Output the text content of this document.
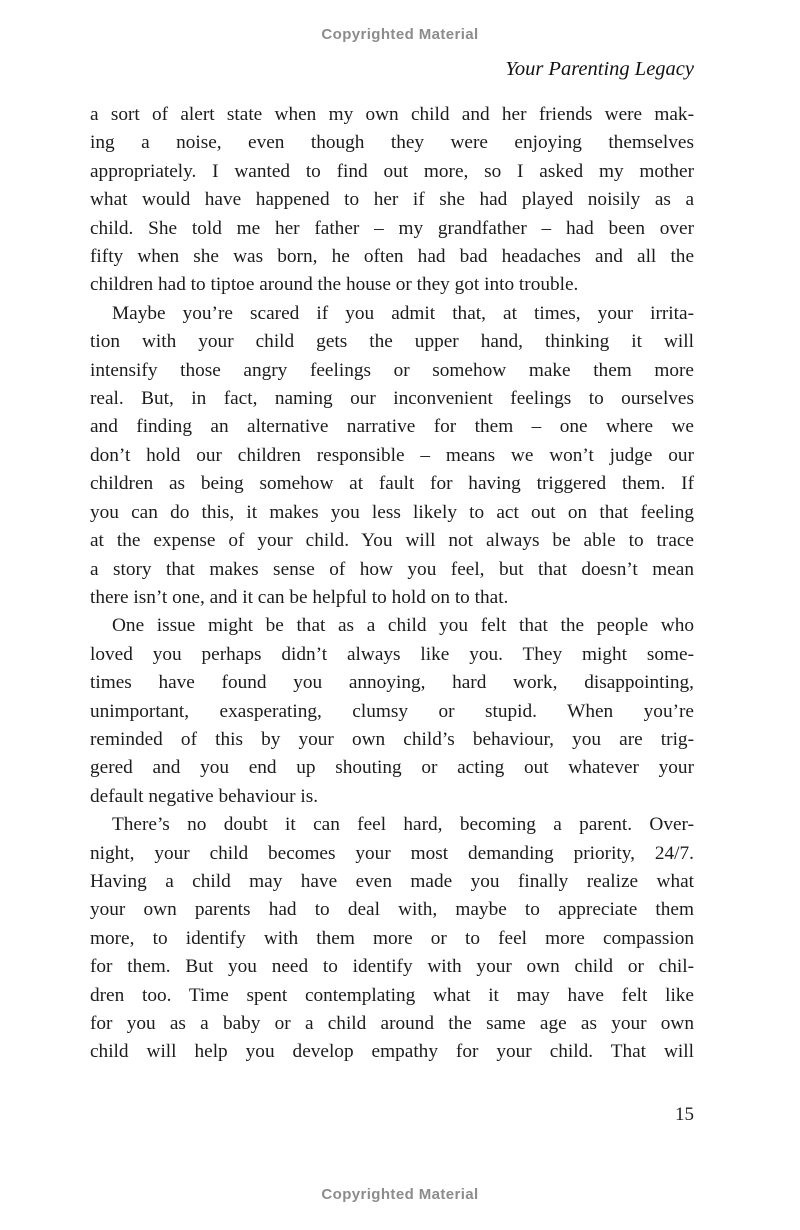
Copyrighted Material
Your Parenting Legacy
a sort of alert state when my own child and her friends were mak-
ing a noise, even though they were enjoying themselves
appropriately. I wanted to find out more, so I asked my mother
what would have happened to her if she had played noisily as a
child. She told me her father – my grandfather – had been over
fifty when she was born, he often had bad headaches and all the
children had to tiptoe around the house or they got into trouble.
Maybe you’re scared if you admit that, at times, your irrita-
tion with your child gets the upper hand, thinking it will
intensify those angry feelings or somehow make them more
real. But, in fact, naming our inconvenient feelings to ourselves
and finding an alternative narrative for them – one where we
don’t hold our children responsible – means we won’t judge our
children as being somehow at fault for having triggered them. If
you can do this, it makes you less likely to act out on that feeling
at the expense of your child. You will not always be able to trace
a story that makes sense of how you feel, but that doesn’t mean
there isn’t one, and it can be helpful to hold on to that.
One issue might be that as a child you felt that the people who
loved you perhaps didn’t always like you. They might some-
times have found you annoying, hard work, disappointing,
unimportant, exasperating, clumsy or stupid. When you’re
reminded of this by your own child’s behaviour, you are trig-
gered and you end up shouting or acting out whatever your
default negative behaviour is.
There’s no doubt it can feel hard, becoming a parent. Over-
night, your child becomes your most demanding priority, 24/7.
Having a child may have even made you finally realize what
your own parents had to deal with, maybe to appreciate them
more, to identify with them more or to feel more compassion
for them. But you need to identify with your own child or chil-
dren too. Time spent contemplating what it may have felt like
for you as a baby or a child around the same age as your own
child will help you develop empathy for your child. That will
15
Copyrighted Material
